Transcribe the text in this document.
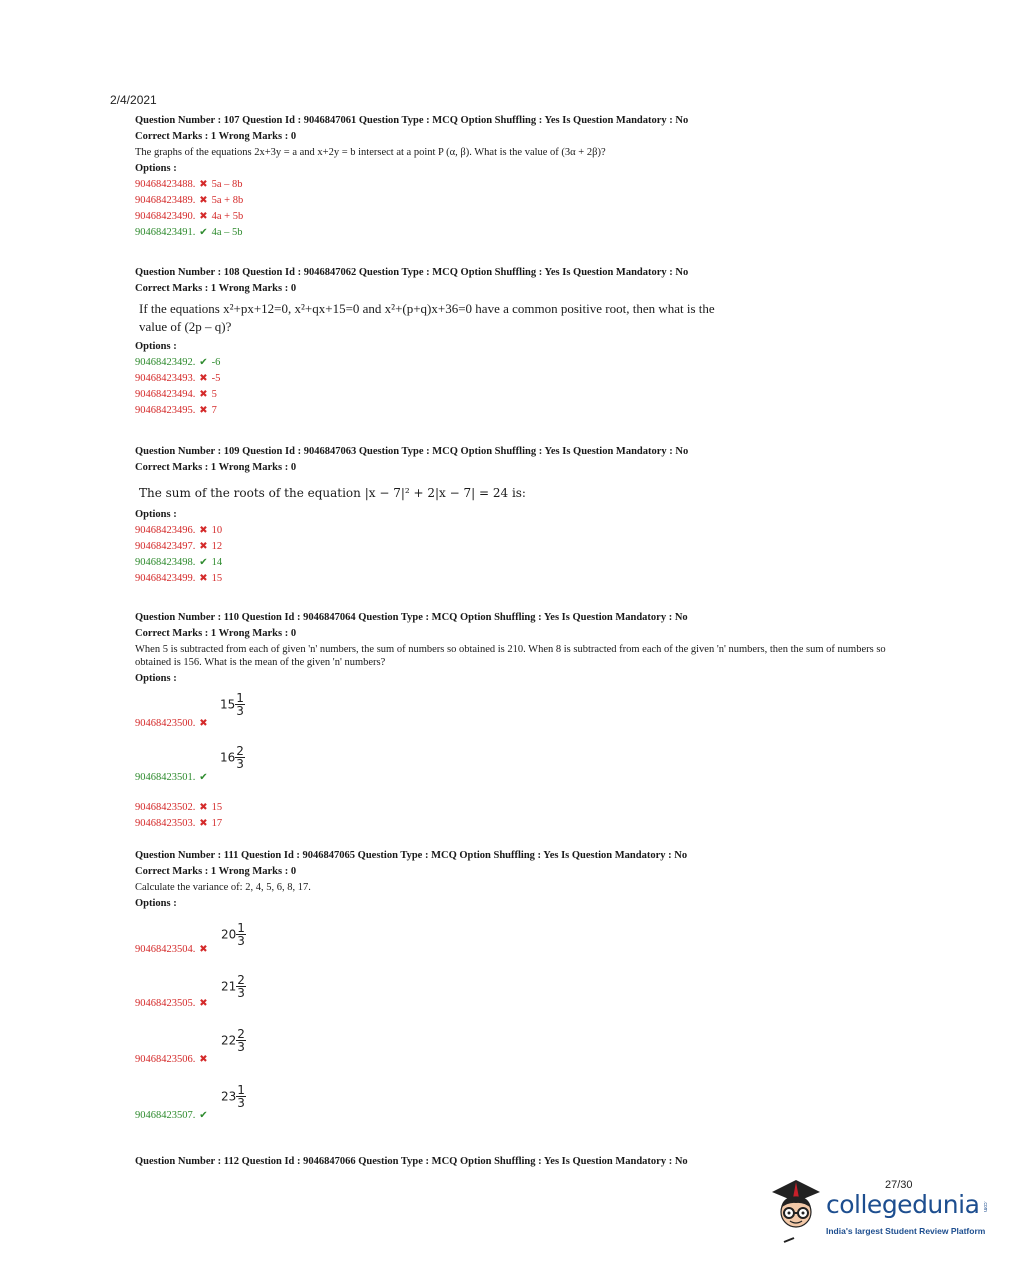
2/4/2021
Question Number : 107 Question Id : 9046847061 Question Type : MCQ Option Shuffling : Yes Is Question Mandatory : No
Correct Marks : 1 Wrong Marks : 0
The graphs of the equations 2x+3y = a and x+2y = b intersect at a point P (α, β). What is the value of (3α + 2β)?
Options :
90468423488. ✖ 5a – 8b
90468423489. ✖ 5a + 8b
90468423490. ✖ 4a + 5b
90468423491. ✔ 4a – 5b
Question Number : 108 Question Id : 9046847062 Question Type : MCQ Option Shuffling : Yes Is Question Mandatory : No
Correct Marks : 1 Wrong Marks : 0
If the equations x²+px+12=0, x²+qx+15=0 and x²+(p+q)x+36=0 have a common positive root, then what is the value of (2p – q)?
Options :
90468423492. ✔ -6
90468423493. ✖ -5
90468423494. ✖ 5
90468423495. ✖ 7
Question Number : 109 Question Id : 9046847063 Question Type : MCQ Option Shuffling : Yes Is Question Mandatory : No
Correct Marks : 1 Wrong Marks : 0
The sum of the roots of the equation |x − 7|² + 2|x − 7| = 24 is:
Options :
90468423496. ✖ 10
90468423497. ✖ 12
90468423498. ✔ 14
90468423499. ✖ 15
Question Number : 110 Question Id : 9046847064 Question Type : MCQ Option Shuffling : Yes Is Question Mandatory : No
Correct Marks : 1 Wrong Marks : 0
When 5 is subtracted from each of given 'n' numbers, the sum of numbers so obtained is 210. When 8 is subtracted from each of the given 'n' numbers, then the sum of numbers so obtained is 156. What is the mean of the given 'n' numbers?
Options :
90468423500. ✖
$15 \frac{1}{3}$
90468423501. ✔
$16 \frac{2}{3}$
90468423502. ✖ 15
90468423503. ✖ 17
Question Number : 111 Question Id : 9046847065 Question Type : MCQ Option Shuffling : Yes Is Question Mandatory : No
Correct Marks : 1 Wrong Marks : 0
Calculate the variance of: 2, 4, 5, 6, 8, 17.
Options :
90468423504. ✖
$20 \frac{1}{3}$
90468423505. ✖
$21 \frac{2}{3}$
90468423506. ✖
$22 \frac{2}{3}$
90468423507. ✔
$23 \frac{1}{3}$
Question Number : 112 Question Id : 9046847066 Question Type : MCQ Option Shuffling : Yes Is Question Mandatory : No
27/30
collegedunia .com
India's largest Student Review Platform
